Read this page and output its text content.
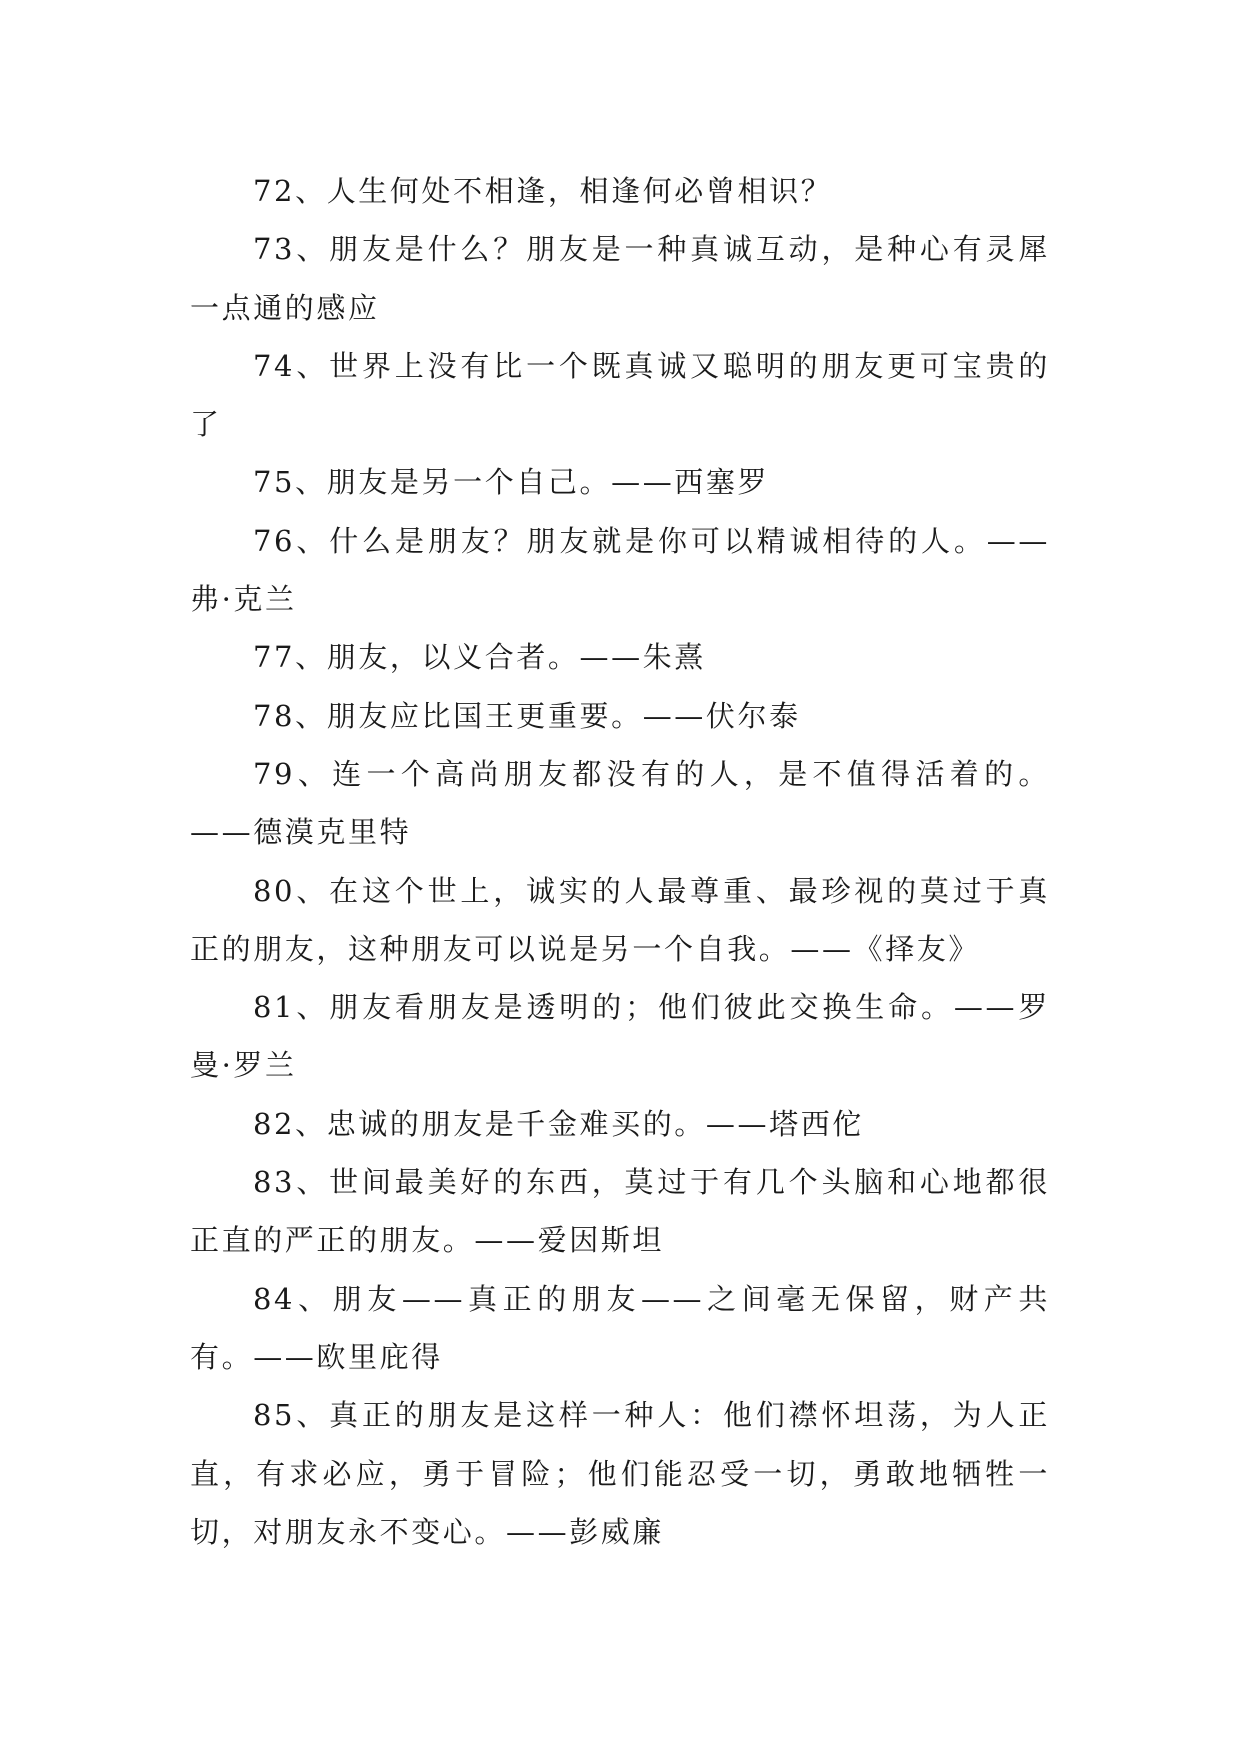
72、人生何处不相逢，相逢何必曾相识？

73、朋友是什么？朋友是一种真诚互动，是种心有灵犀一点通的感应

74、世界上没有比一个既真诚又聪明的朋友更可宝贵的了

75、朋友是另一个自己。——西塞罗

76、什么是朋友？朋友就是你可以精诚相待的人。——弗·克兰

77、朋友，以义合者。——朱熹

78、朋友应比国王更重要。——伏尔泰

79、连一个高尚朋友都没有的人，是不值得活着的。——德漠克里特

80、在这个世上，诚实的人最尊重、最珍视的莫过于真正的朋友，这种朋友可以说是另一个自我。——《择友》

81、朋友看朋友是透明的；他们彼此交换生命。——罗曼·罗兰

82、忠诚的朋友是千金难买的。——塔西佗

83、世间最美好的东西，莫过于有几个头脑和心地都很正直的严正的朋友。——爱因斯坦

84、朋友——真正的朋友——之间毫无保留，财产共有。——欧里庇得

85、真正的朋友是这样一种人：他们襟怀坦荡，为人正直，有求必应，勇于冒险；他们能忍受一切，勇敢地牺牲一切，对朋友永不变心。——彭威廉
